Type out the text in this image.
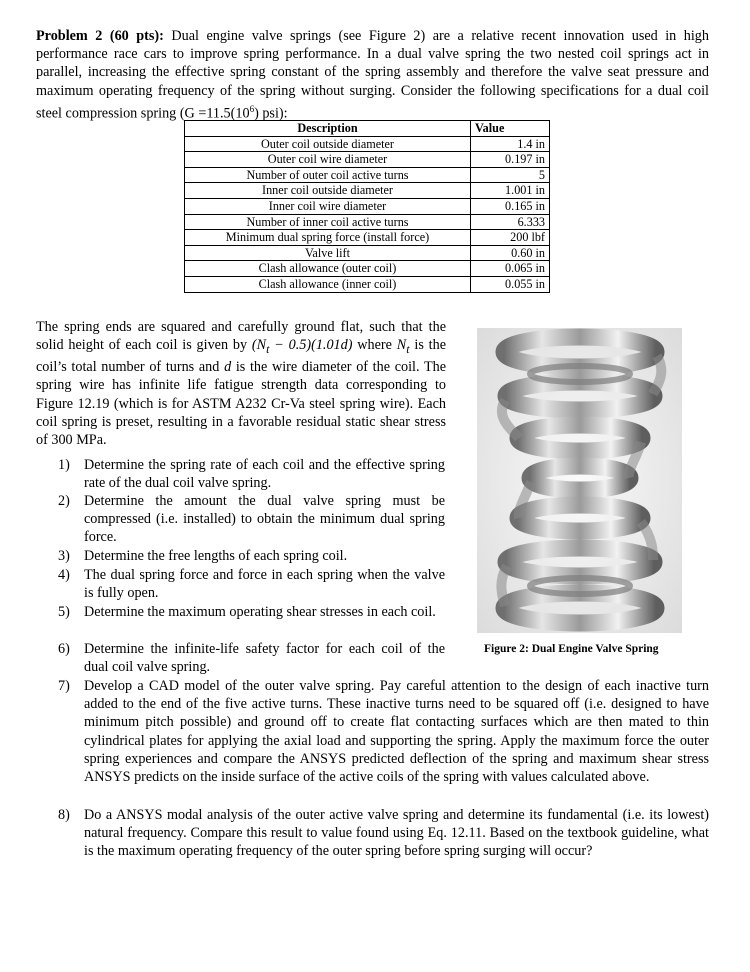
Problem 2 (60 pts): Dual engine valve springs (see Figure 2) are a relative recent innovation used in high performance race cars to improve spring performance. In a dual valve spring the two nested coil springs act in parallel, increasing the effective spring constant of the spring assembly and therefore the valve seat pressure and maximum operating frequency of the spring without surging. Consider the following specifications for a dual coil steel compression spring ($G =11.5(10^6)$ psi):
Description	Value
Outer coil outside diameter	1.4 in
Outer coil wire diameter	0.197 in
Number of outer coil active turns	5
Inner coil outside diameter	1.001 in
Inner coil wire diameter	0.165 in
Number of inner coil active turns	6.333
Minimum dual spring force (install force)	200 lbf
Valve lift	0.60 in
Clash allowance (outer coil)	0.065 in
Clash allowance (inner coil)	0.055 in
The spring ends are squared and carefully ground flat, such that the solid height of each coil is given by $(N_t - 0.5)(1.01d)$ where $N_t$ is the coil’s total number of turns and d is the wire diameter of the coil. The spring wire has infinite life fatigue strength data corresponding to Figure 12.19 (which is for ASTM A232 Cr-Va steel spring wire). Each coil spring is preset, resulting in a favorable residual static shear stress of 300 MPa.
1) Determine the spring rate of each coil and the effective spring rate of the dual coil valve spring.
2) Determine the amount the dual valve spring must be compressed (i.e. installed) to obtain the minimum dual spring force.
3) Determine the free lengths of each spring coil.
4) The dual spring force and force in each spring when the valve is fully open.
5) Determine the maximum operating shear stresses in each coil.
6) Determine the infinite-life safety factor for each coil of the dual coil valve spring.
7) Develop a CAD model of the outer valve spring. Pay careful attention to the design of each inactive turn added to the end of the five active turns. These inactive turns need to be squared off (i.e. designed to have minimum pitch possible) and ground off to create flat contacting surfaces which are then mated to thin cylindrical plates for applying the axial load and supporting the spring. Apply the maximum force the outer spring experiences and compare the ANSYS predicted deflection of the spring and maximum shear stress ANSYS predicts on the inside surface of the active coils of the spring with values calculated above.
8) Do a ANSYS modal analysis of the outer active valve spring and determine its fundamental (i.e. its lowest) natural frequency. Compare this result to value found using Eq. 12.11. Based on the textbook guideline, what is the maximum operating frequency of the outer spring before spring surging will occur?
Figure 2: Dual Engine Valve Spring
